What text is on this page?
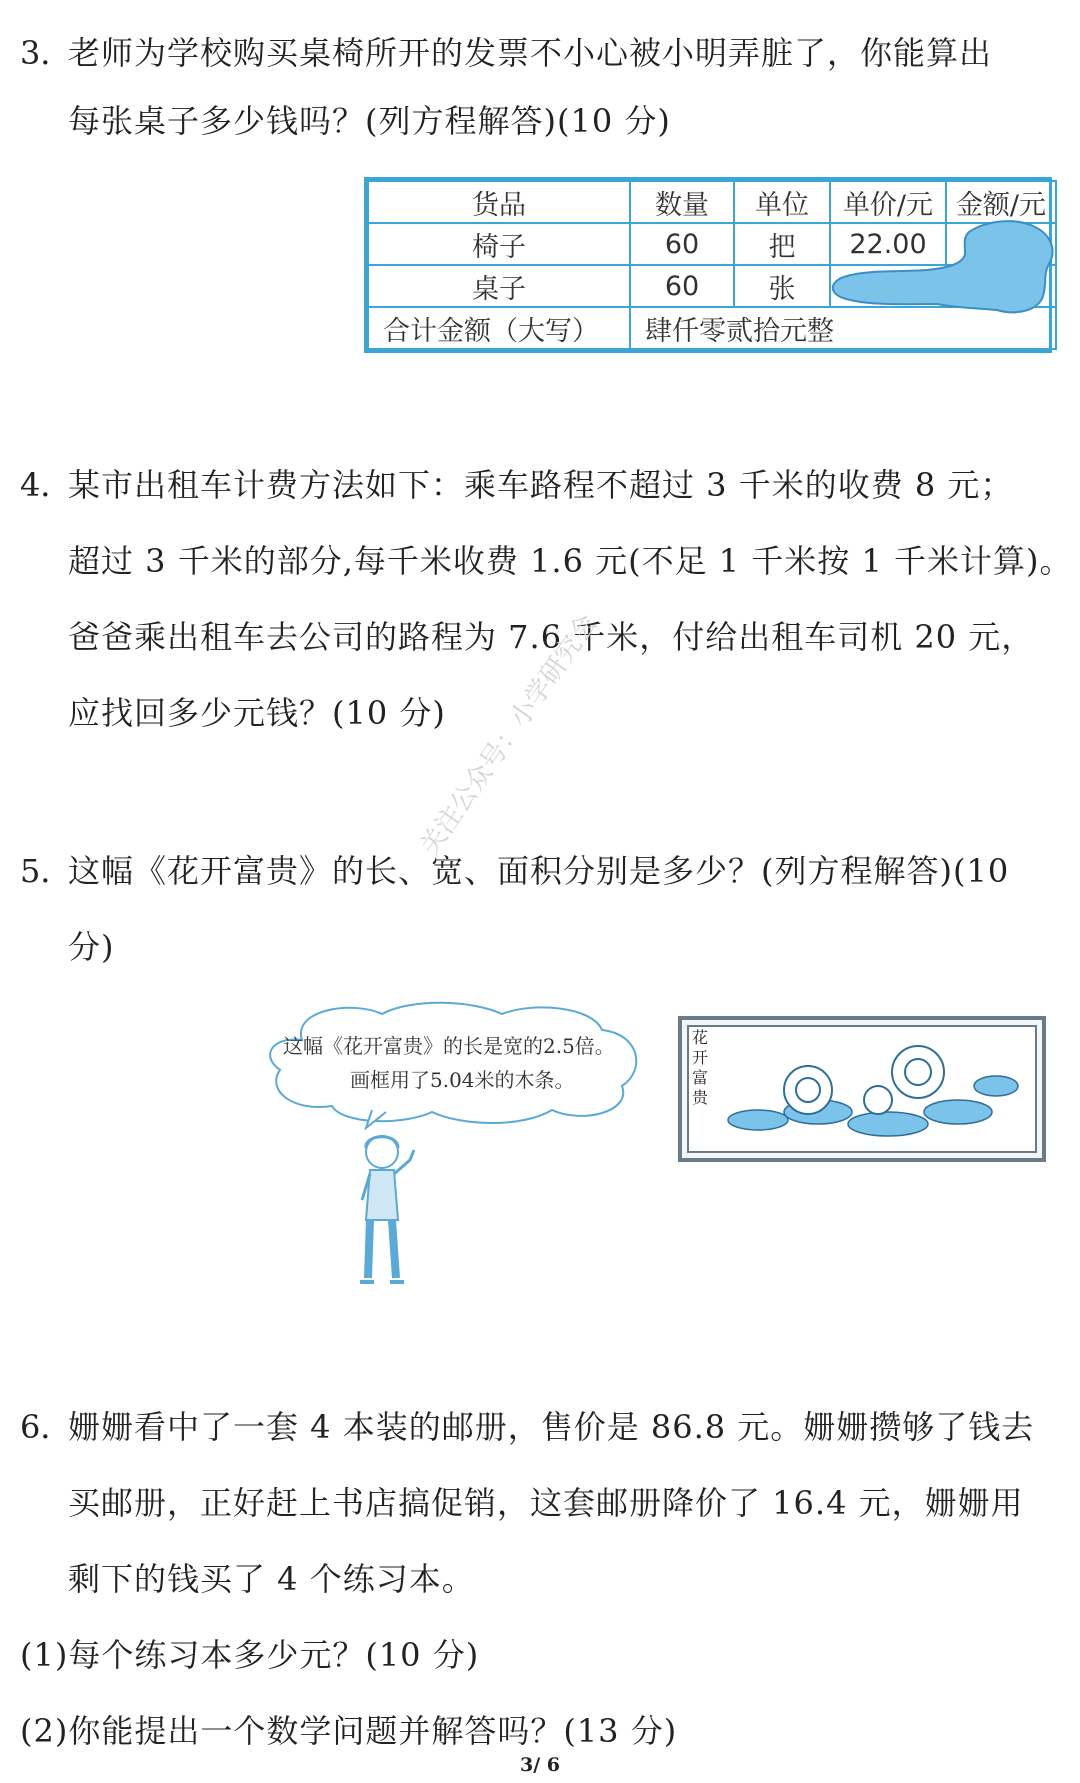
3．
老师为学校购买桌椅所开的发票不小心被小明弄脏了，你能算出
每张桌子多少钱吗？(列方程解答)(10 分)
货品	数量	单位	单价/元	金额/元
椅子	60	把	22.00	
桌子	60	张		
合计金额（大写）	肆仟零贰拾元整			
4．
某市出租车计费方法如下：乘车路程不超过 3 千米的收费 8 元；
超过 3 千米的部分,每千米收费 1.6 元(不足 1 千米按 1 千米计算)。
爸爸乘出租车去公司的路程为 7.6 千米，付给出租车司机 20 元，
应找回多少元钱？(10 分)
关注公众号：小学研究会
5．
这幅《花开富贵》的长、宽、面积分别是多少？(列方程解答)(10
分)
这幅《花开富贵》的长是宽的2.5倍。
画框用了5.04米的木条。
花
开
富
贵
6．
姗姗看中了一套 4 本装的邮册，售价是 86.8 元。姗姗攒够了钱去
买邮册，正好赶上书店搞促销，这套邮册降价了 16.4 元，姗姗用
剩下的钱买了 4 个练习本。
(1)每个练习本多少元？(10 分)
(2)你能提出一个数学问题并解答吗？(13 分)
3/ 6
